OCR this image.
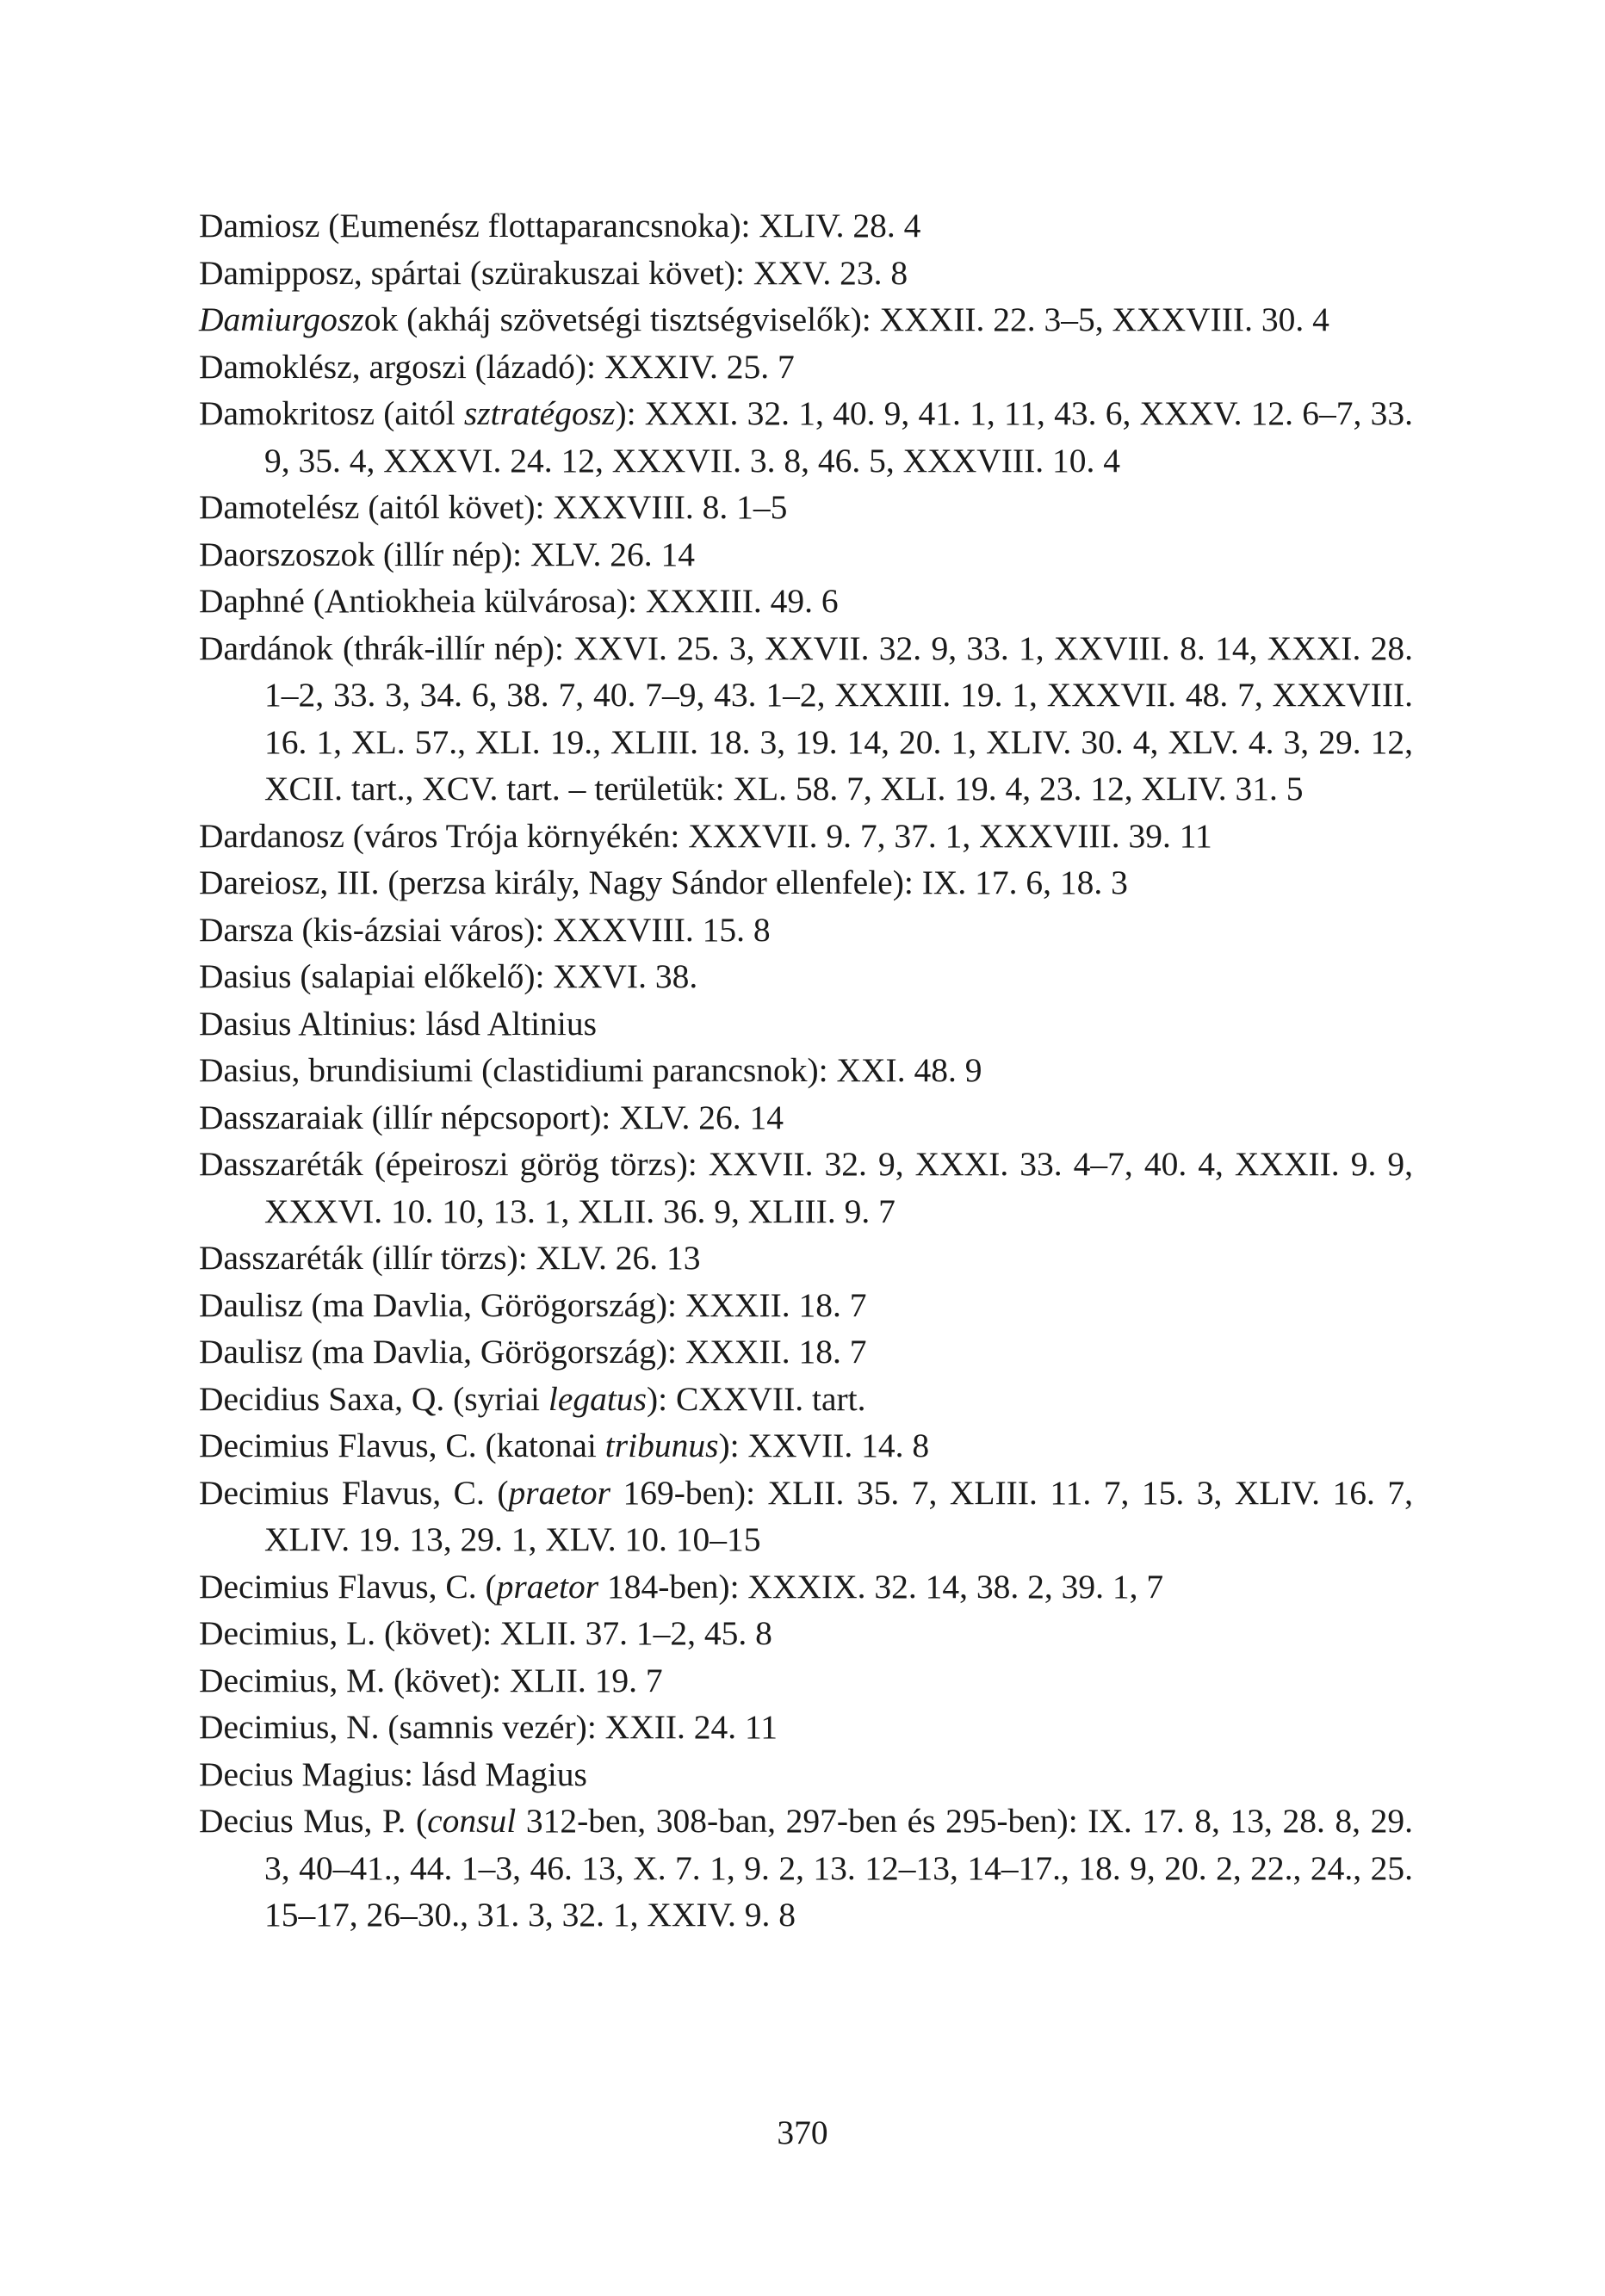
Damiosz (Eumenész flottaparancsnoka): XLIV. 28. 4

Damipposz, spártai (szürakuszai követ): XXV. 23. 8

Damiurgoszok (akháj szövetségi tisztségviselők): XXXII. 22. 3–5, XXXVIII. 30. 4

Damoklész, argoszi (lázadó): XXXIV. 25. 7

Damokritosz (aitól sztratégosz): XXXI. 32. 1, 40. 9, 41. 1, 11, 43. 6, XXXV. 12. 6–7, 33. 9, 35. 4, XXXVI. 24. 12, XXXVII. 3. 8, 46. 5, XXXVIII. 10. 4

Damotelész (aitól követ): XXXVIII. 8. 1–5

Daorszoszok (illír nép): XLV. 26. 14

Daphné (Antiokheia külvárosa): XXXIII. 49. 6

Dardánok (thrák-illír nép): XXVI. 25. 3, XXVII. 32. 9, 33. 1, XXVIII. 8. 14, XXXI. 28. 1–2, 33. 3, 34. 6, 38. 7, 40. 7–9, 43. 1–2, XXXIII. 19. 1, XXXVII. 48. 7, XXXVIII. 16. 1, XL. 57., XLI. 19., XLIII. 18. 3, 19. 14, 20. 1, XLIV. 30. 4, XLV. 4. 3, 29. 12, XCII. tart., XCV. tart. – területük: XL. 58. 7, XLI. 19. 4, 23. 12, XLIV. 31. 5

Dardanosz (város Trója környékén: XXXVII. 9. 7, 37. 1, XXXVIII. 39. 11

Dareiosz, III. (perzsa király, Nagy Sándor ellenfele): IX. 17. 6, 18. 3

Darsza (kis-ázsiai város): XXXVIII. 15. 8

Dasius (salapiai előkelő): XXVI. 38.

Dasius Altinius: lásd Altinius

Dasius, brundisiumi (clastidiumi parancsnok): XXI. 48. 9

Dasszaraiak (illír népcsoport): XLV. 26. 14

Dasszaréták (épeiroszi görög törzs): XXVII. 32. 9, XXXI. 33. 4–7, 40. 4, XXXII. 9. 9, XXXVI. 10. 10, 13. 1, XLII. 36. 9, XLIII. 9. 7

Dasszaréták (illír törzs): XLV. 26. 13

Daulisz (ma Davlia, Görögország): XXXII. 18. 7

Daulisz (ma Davlia, Görögország): XXXII. 18. 7

Decidius Saxa, Q. (syriai legatus): CXXVII. tart.

Decimius Flavus, C. (katonai tribunus): XXVII. 14. 8

Decimius Flavus, C. (praetor 169-ben): XLII. 35. 7, XLIII. 11. 7, 15. 3, XLIV. 16. 7, XLIV. 19. 13, 29. 1, XLV. 10. 10–15

Decimius Flavus, C. (praetor 184-ben): XXXIX. 32. 14, 38. 2, 39. 1, 7

Decimius, L. (követ): XLII. 37. 1–2, 45. 8

Decimius, M. (követ): XLII. 19. 7

Decimius, N. (samnis vezér): XXII. 24. 11

Decius Magius: lásd Magius

Decius Mus, P. (consul 312-ben, 308-ban, 297-ben és 295-ben): IX. 17. 8, 13, 28. 8, 29. 3, 40–41., 44. 1–3, 46. 13, X. 7. 1, 9. 2, 13. 12–13, 14–17., 18. 9, 20. 2, 22., 24., 25. 15–17, 26–30., 31. 3, 32. 1, XXIV. 9. 8

370
